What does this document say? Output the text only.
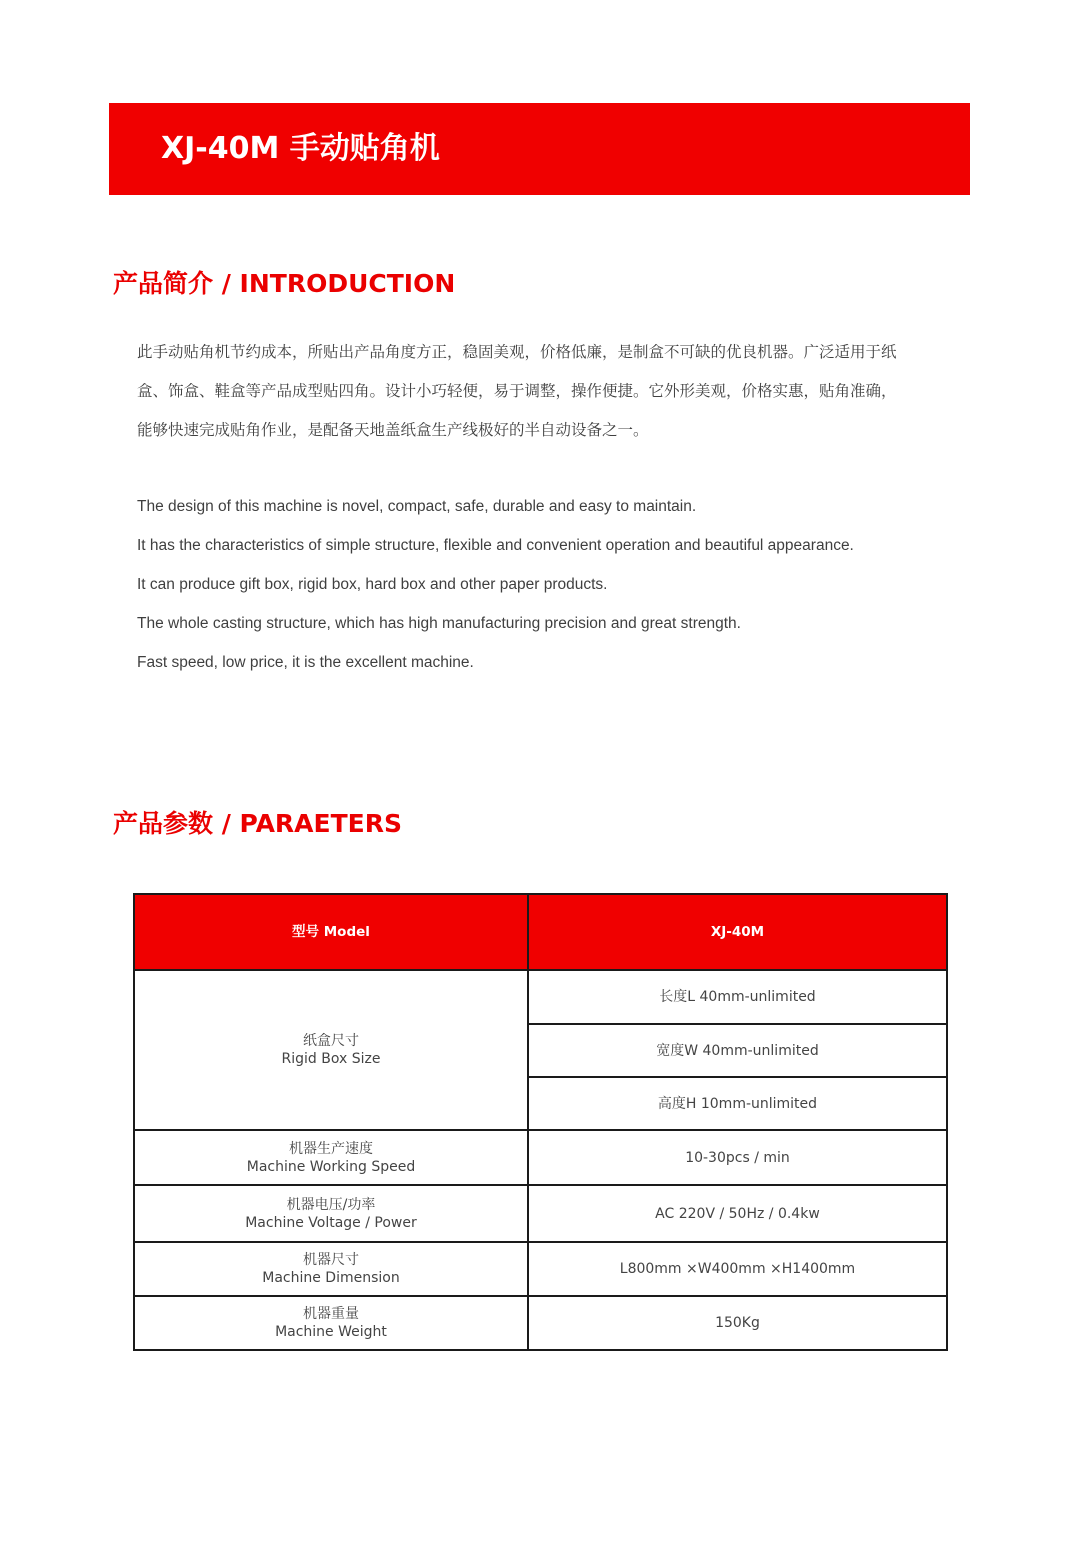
XJ-40M 手动贴角机
产品简介 / INTRODUCTION

此手动贴角机节约成本，所贴出产品角度方正，稳固美观，价格低廉，是制盒不可缺的优良机器。广泛适用于纸

盒、饰盒、鞋盒等产品成型贴四角。设计小巧轻便，易于调整，操作便捷。它外形美观，价格实惠，贴角准确，

能够快速完成贴角作业，是配备天地盖纸盒生产线极好的半自动设备之一。

The design of this machine is novel, compact, safe, durable and easy to maintain.

It has the characteristics of simple structure, flexible and convenient operation and beautiful appearance.

It can produce gift box, rigid box, hard box and other paper products.

The whole casting structure, which has high manufacturing precision and great strength.

Fast speed, low price, it is the excellent machine.

产品参数 / PARAETERS
型号 Model	XJ-40M

纸盒尺寸
Rigid Box Size	长度L 40mm-unlimited
	宽度W 40mm-unlimited
	高度H 10mm-unlimited

机器生产速度
Machine Working Speed	10-30pcs / min

机器电压/功率
Machine Voltage / Power	AC 220V / 50Hz / 0.4kw

机器尺寸
Machine Dimension	L800mm ×W400mm ×H1400mm

机器重量
Machine Weight	150Kg
